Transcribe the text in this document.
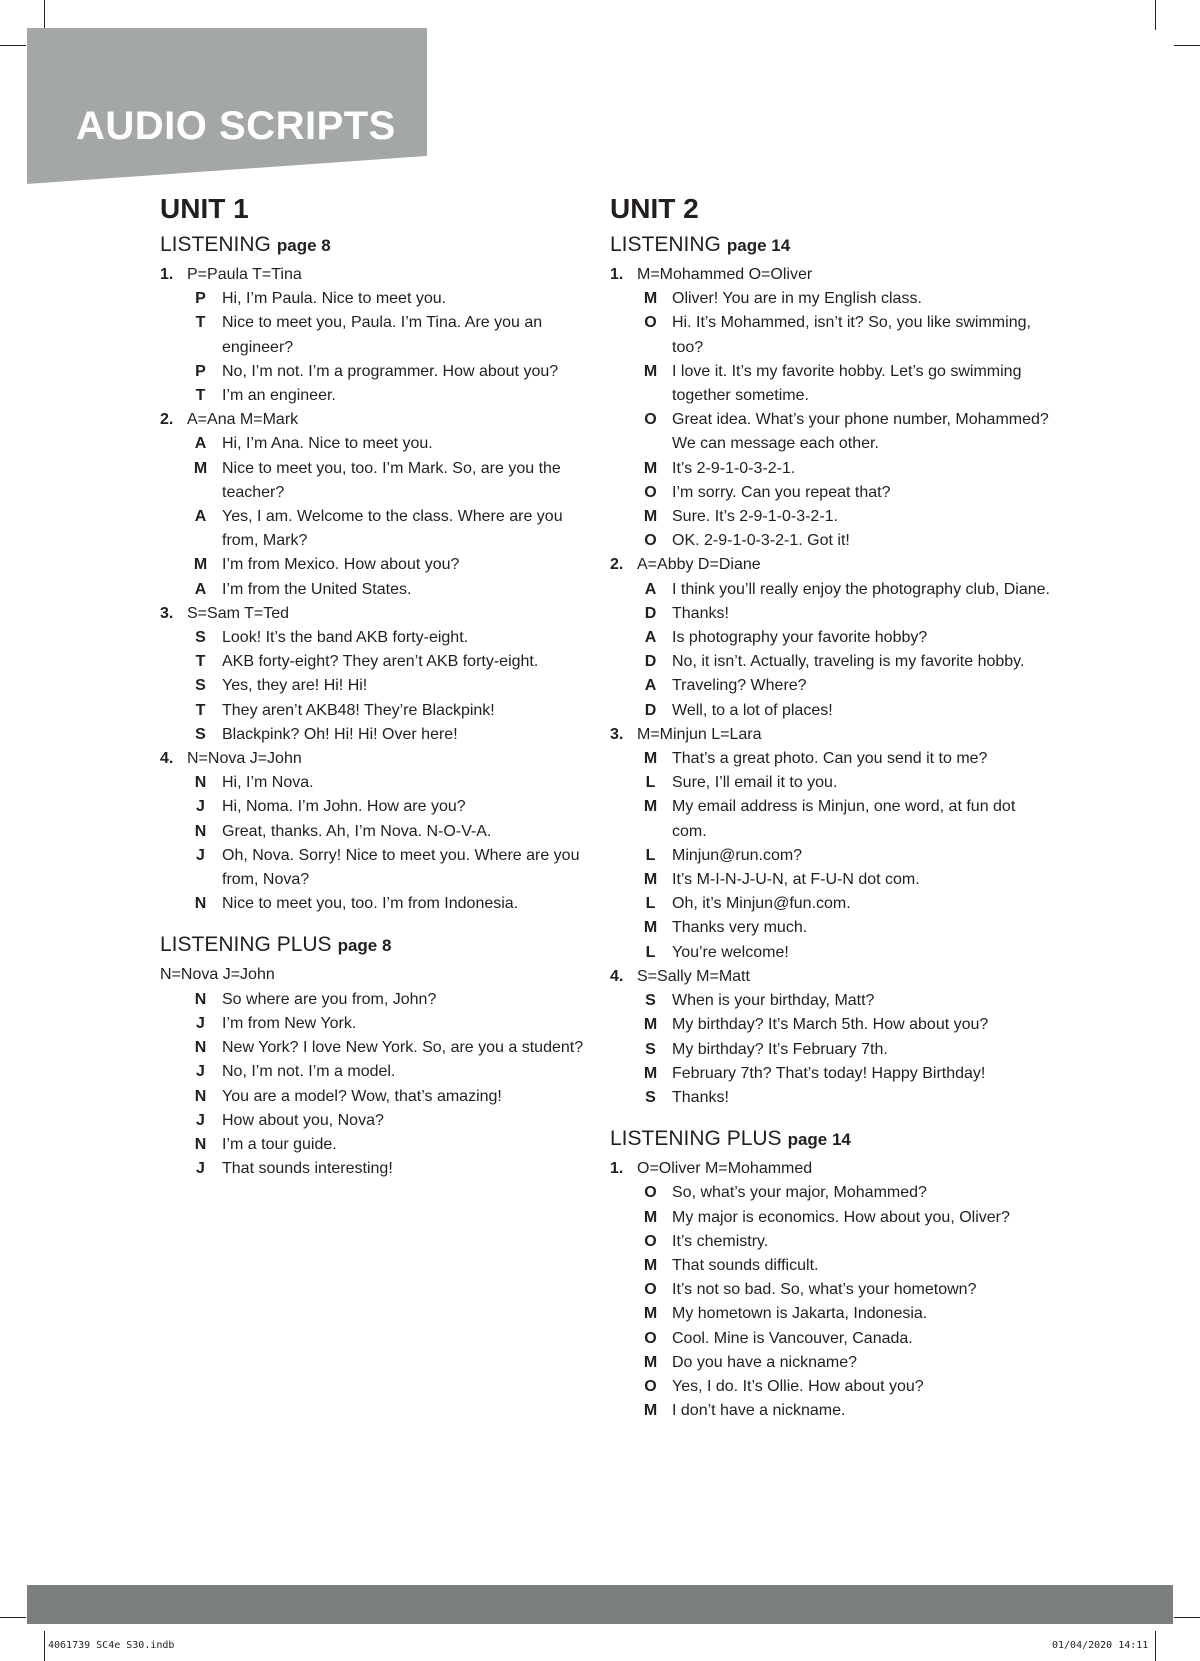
AUDIO SCRIPTS
UNIT 1
LISTENING page 8
1. P=Paula T=Tina
P	Hi, I’m Paula. Nice to meet you.
T	Nice to meet you, Paula. I’m Tina. Are you an engineer?
P	No, I’m not. I’m a programmer. How about you?
T	I’m an engineer.
2. A=Ana M=Mark
A Hi, I’m Ana. Nice to meet you.
M Nice to meet you, too. I’m Mark. So, are you the teacher?
A Yes, I am. Welcome to the class. Where are you from, Mark?
M I’m from Mexico. How about you?
A I’m from the United States.
3. S=Sam T=Ted
S	Look! It’s the band AKB forty-eight.
T	AKB forty-eight? They aren’t AKB forty-eight.
S	Yes, they are! Hi! Hi!
T	They aren’t AKB48! They’re Blackpink!
S	Blackpink? Oh! Hi! Hi! Over here!
4. N=Nova J=John
N Hi, I’m Nova.
J	Hi, Noma. I’m John. How are you?
N Great, thanks. Ah, I’m Nova. N-O-V-A.
J	Oh, Nova. Sorry! Nice to meet you. Where are you from, Nova?
N Nice to meet you, too. I’m from Indonesia.
LISTENING PLUS page 8
N=Nova J=John
N So where are you from, John?
J	I’m from New York.
N New York? I love New York. So, are you a student?
J	No, I’m not. I’m a model.
N You are a model? Wow, that’s amazing!
J	How about you, Nova?
N I’m a tour guide.
J	That sounds interesting!
UNIT 2
LISTENING page 14
1. M=Mohammed O=Oliver
M Oliver! You are in my English class.
O Hi. It’s Mohammed, isn’t it? So, you like swimming, too?
M I love it. It’s my favorite hobby. Let’s go swimming together sometime.
O Great idea. What’s your phone number, Mohammed? We can message each other.
M It’s 2-9-1-0-3-2-1.
O I’m sorry. Can you repeat that?
M Sure. It’s 2-9-1-0-3-2-1.
O OK. 2-9-1-0-3-2-1. Got it!
2. A=Abby D=Diane
A I think you’ll really enjoy the photography club, Diane.
D Thanks!
A Is photography your favorite hobby?
D No, it isn’t. Actually, traveling is my favorite hobby.
A Traveling? Where?
D Well, to a lot of places!
3. M=Minjun L=Lara
M That’s a great photo. Can you send it to me?
L	Sure, I’ll email it to you.
M My email address is Minjun, one word, at fun dot com.
L	Minjun@run.com?
M It’s M-I-N-J-U-N, at F-U-N dot com.
L	Oh, it’s Minjun@fun.com.
M Thanks very much.
L	You’re welcome!
4. S=Sally M=Matt
S	When is your birthday, Matt?
M My birthday? It’s March 5th. How about you?
S	My birthday? It’s February 7th.
M February 7th? That’s today! Happy Birthday!
S	Thanks!
LISTENING PLUS page 14
1. O=Oliver M=Mohammed
O So, what’s your major, Mohammed?
M My major is economics. How about you, Oliver?
O It’s chemistry.
M That sounds difficult.
O It’s not so bad. So, what’s your hometown?
M My hometown is Jakarta, Indonesia.
O Cool. Mine is Vancouver, Canada.
M Do you have a nickname?
O Yes, I do. It’s Ollie. How about you?
M I don’t have a nickname.
4061739 SC4e S30.indb	01/04/2020 14:11
